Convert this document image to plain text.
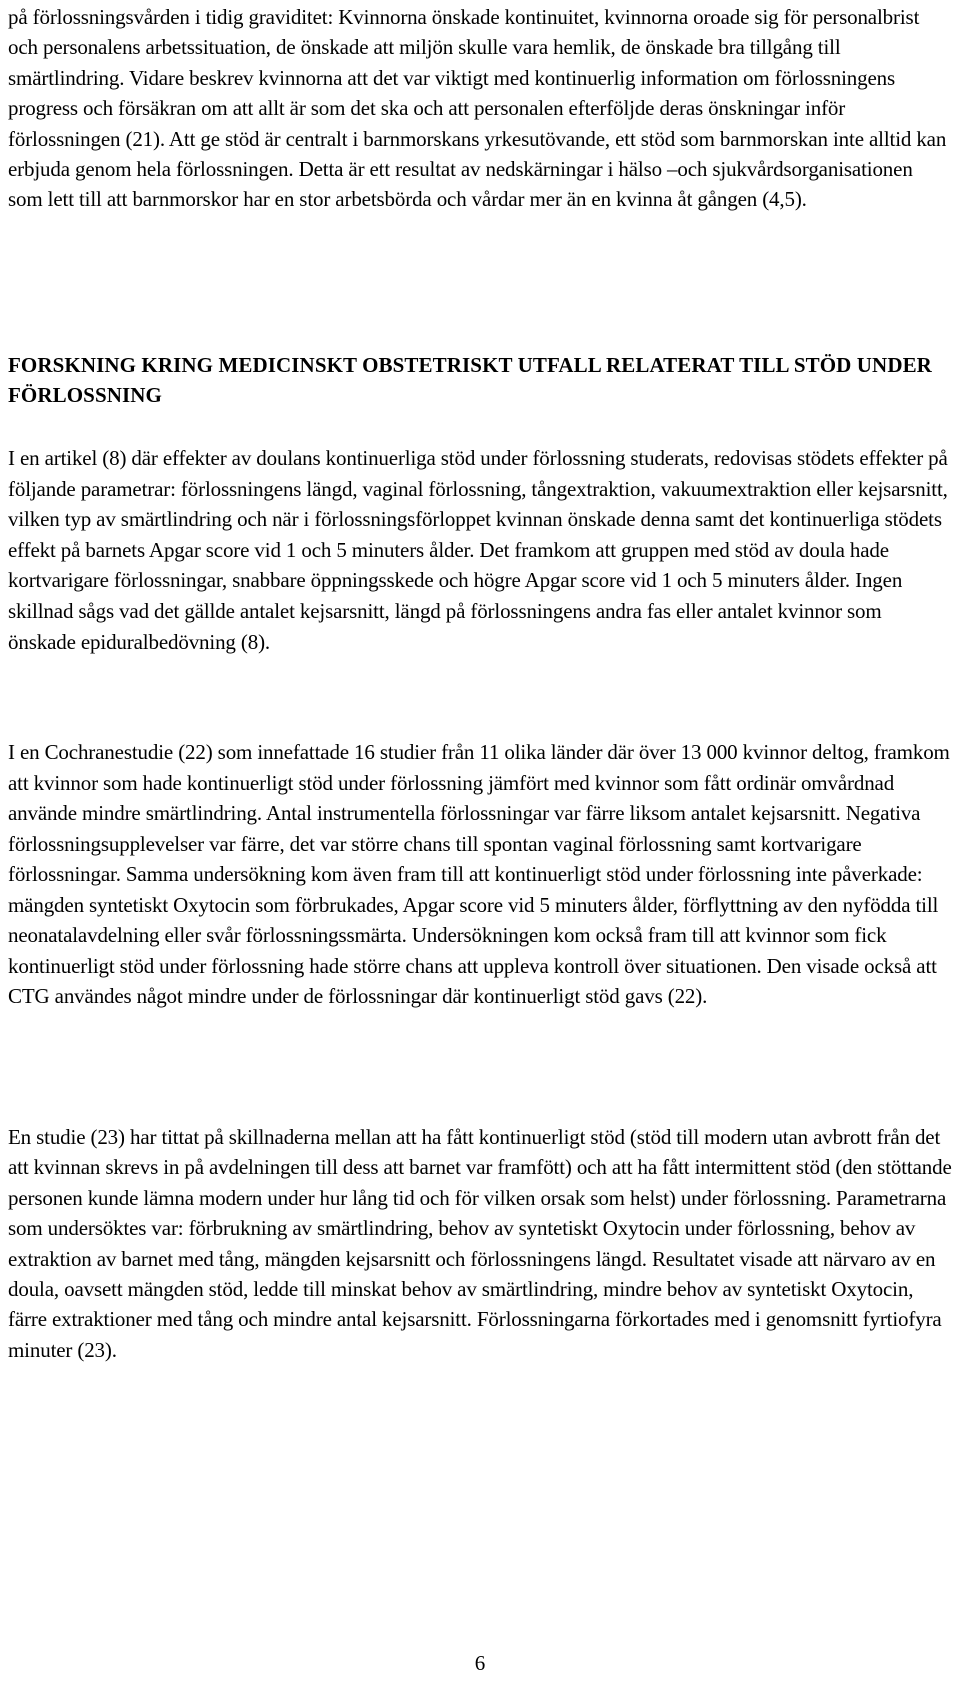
på förlossningsvården i tidig graviditet: Kvinnorna önskade kontinuitet, kvinnorna oroade sig för personalbrist och personalens arbetssituation, de önskade att miljön skulle vara hemlik, de önskade bra tillgång till smärtlindring. Vidare beskrev kvinnorna att det var viktigt med kontinuerlig information om förlossningens progress och försäkran om att allt är som det ska och att personalen efterföljde deras önskningar inför förlossningen (21). Att ge stöd är centralt i barnmorskans yrkesutövande, ett stöd som barnmorskan inte alltid kan erbjuda genom hela förlossningen. Detta är ett resultat av nedskärningar i hälso –och sjukvårdsorganisationen som lett till att barnmorskor har en stor arbetsbörda och vårdar mer än en kvinna åt gången (4,5).

FORSKNING KRING MEDICINSKT OBSTETRISKT UTFALL RELATERAT TILL STÖD UNDER FÖRLOSSNING

I en artikel (8) där effekter av doulans kontinuerliga stöd under förlossning studerats, redovisas stödets effekter på följande parametrar: förlossningens längd, vaginal förlossning, tångextraktion, vakuumextraktion eller kejsarsnitt, vilken typ av smärtlindring och när i förlossningsförloppet kvinnan önskade denna samt det kontinuerliga stödets effekt på barnets Apgar score vid 1 och 5 minuters ålder. Det framkom att gruppen med stöd av doula hade kortvarigare förlossningar, snabbare öppningsskede och högre Apgar score vid 1 och 5 minuters ålder. Ingen skillnad sågs vad det gällde antalet kejsarsnitt, längd på förlossningens andra fas eller antalet kvinnor som önskade epiduralbedövning (8).

I en Cochranestudie (22) som innefattade 16 studier från 11 olika länder där över 13 000 kvinnor deltog, framkom att kvinnor som hade kontinuerligt stöd under förlossning jämfört med kvinnor som fått ordinär omvårdnad använde mindre smärtlindring. Antal instrumentella förlossningar var färre liksom antalet kejsarsnitt. Negativa förlossningsupplevelser var färre, det var större chans till spontan vaginal förlossning samt kortvarigare förlossningar. Samma undersökning kom även fram till att kontinuerligt stöd under förlossning inte påverkade: mängden syntetiskt Oxytocin som förbrukades, Apgar score vid 5 minuters ålder, förflyttning av den nyfödda till neonatalavdelning eller svår förlossningssmärta. Undersökningen kom också fram till att kvinnor som fick kontinuerligt stöd under förlossning hade större chans att uppleva kontroll över situationen. Den visade också att CTG användes något mindre under de förlossningar där kontinuerligt stöd gavs (22).

En studie (23) har tittat på skillnaderna mellan att ha fått kontinuerligt stöd (stöd till modern utan avbrott från det att kvinnan skrevs in på avdelningen till dess att barnet var framfött) och att ha fått intermittent stöd (den stöttande personen kunde lämna modern under hur lång tid och för vilken orsak som helst) under förlossning. Parametrarna som undersöktes var: förbrukning av smärtlindring, behov av syntetiskt Oxytocin under förlossning, behov av extraktion av barnet med tång, mängden kejsarsnitt och förlossningens längd. Resultatet visade att närvaro av en doula, oavsett mängden stöd, ledde till minskat behov av smärtlindring, mindre behov av syntetiskt Oxytocin, färre extraktioner med tång och mindre antal kejsarsnitt. Förlossningarna förkortades med i genomsnitt fyrtiofyra minuter (23).

6
